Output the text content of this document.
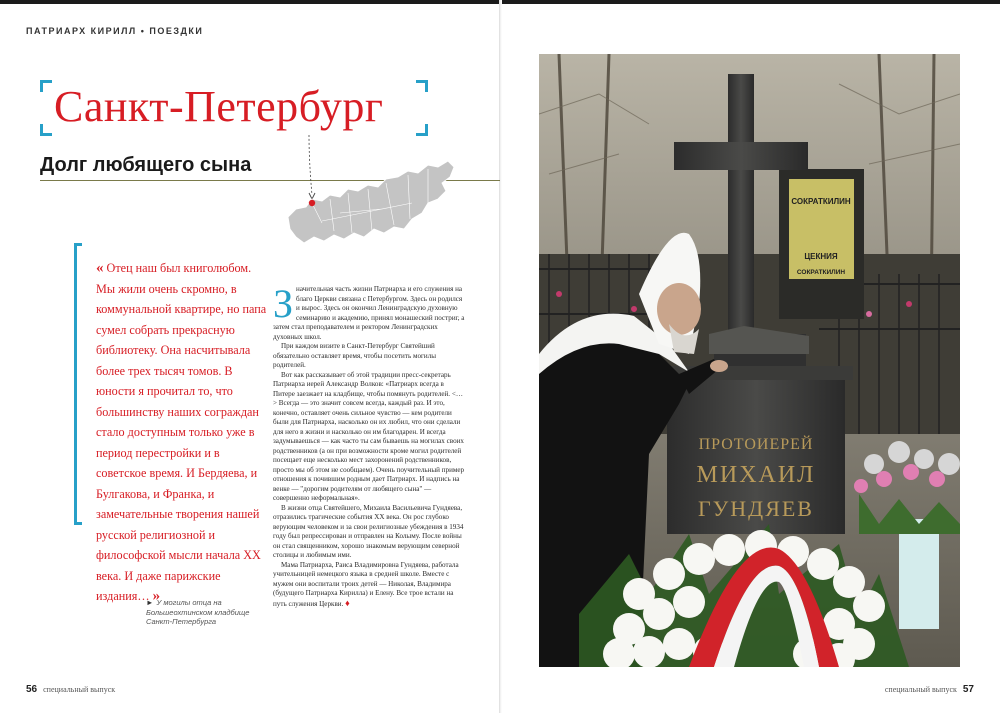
ПАТРИАРХ КИРИЛЛ • ПОЕЗДКИ
Санкт-Петербург
Долг любящего сына
« Отец наш был книголюбом. Мы жили очень скромно, в коммунальной квартире, но папа сумел собрать прекрасную библиотеку. Она насчитывала более трех тысяч томов. В юности я прочитал то, что большинству наших сограждан стало доступным только уже в период перестройки и в советское время. И Бердяева, и Булгакова, и Франка, и замечательные творения нашей русской религиозной и философской мысли начала XX века. И даже парижские издания… »
► У могилы отца на Большеохтинском кладбище Санкт-Петербурга
З начительная часть жизни Патриарха и его служения на благо Церкви связана с Петербургом. Здесь он родился и вырос. Здесь он окончил Ленинградскую духовную семинарию и академию, принял монашеский постриг, а затем стал преподавателем и ректором Ленинградских духовных школ.

При каждом визите в Санкт-Петербург Святейший обязательно оставляет время, чтобы посетить могилы родителей.

Вот как рассказывает об этой традиции пресс-секретарь Патриарха иерей Александр Волков: «Патриарх всегда в Питере заезжает на кладбище, чтобы помянуть родителей. <…> Всегда — это значит совсем всегда, каждый раз. И это, конечно, оставляет очень сильное чувство — кем родители были для Патриарха, насколько он их любил, что они сделали для него в жизни и насколько он им благодарен. И всегда задумываешься — как часто ты сам бываешь на могилах своих родственников (а он при возможности кроме могил родителей посещает еще несколько мест захоронений родственников, просто мы об этом не сообщаем). Очень поучительный пример отношения к почившим родным дает Патриарх. И надпись на венке — "дорогим родителям от любящего сына" — совершенно неформальная».

В жизни отца Святейшего, Михаила Васильевича Гундяева, отразились трагические события XX века. Он рос глубоко верующим человеком и за свои религиозные убеждения в 1934 году был репрессирован и отправлен на Колыму. После войны он стал священником, хорошо знакомым верующим северной столицы и любимым ими.

Мама Патриарха, Раиса Владимировна Гундяева, работала учительницей немецкого языка в средней школе. Вместе с мужем они воспитали троих детей — Николая, Владимира (будущего Патриарха Кирилла) и Елену. Все трое встали на путь служения Церкви. ♦

56 специальный выпуск
СОКРАТКИЛИН
ЦЕКНИЯ
СОКРАТКИЛИН
ПРОТОИЕРЕЙ
МИХАИЛ
ГУНДЯЕВ
специальный выпуск 57
